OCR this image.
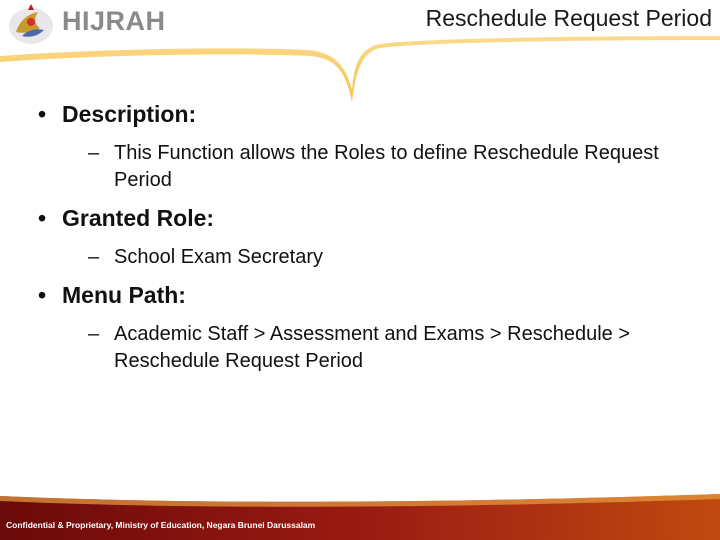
HIJRAH	Reschedule Request Period
• Description:
– This Function allows the Roles to define Reschedule Request Period
• Granted Role:
– School Exam Secretary
• Menu Path:
– Academic Staff > Assessment and Exams > Reschedule > Reschedule Request Period
Confidential & Proprietary, Ministry of Education, Negara Brunei Darussalam
